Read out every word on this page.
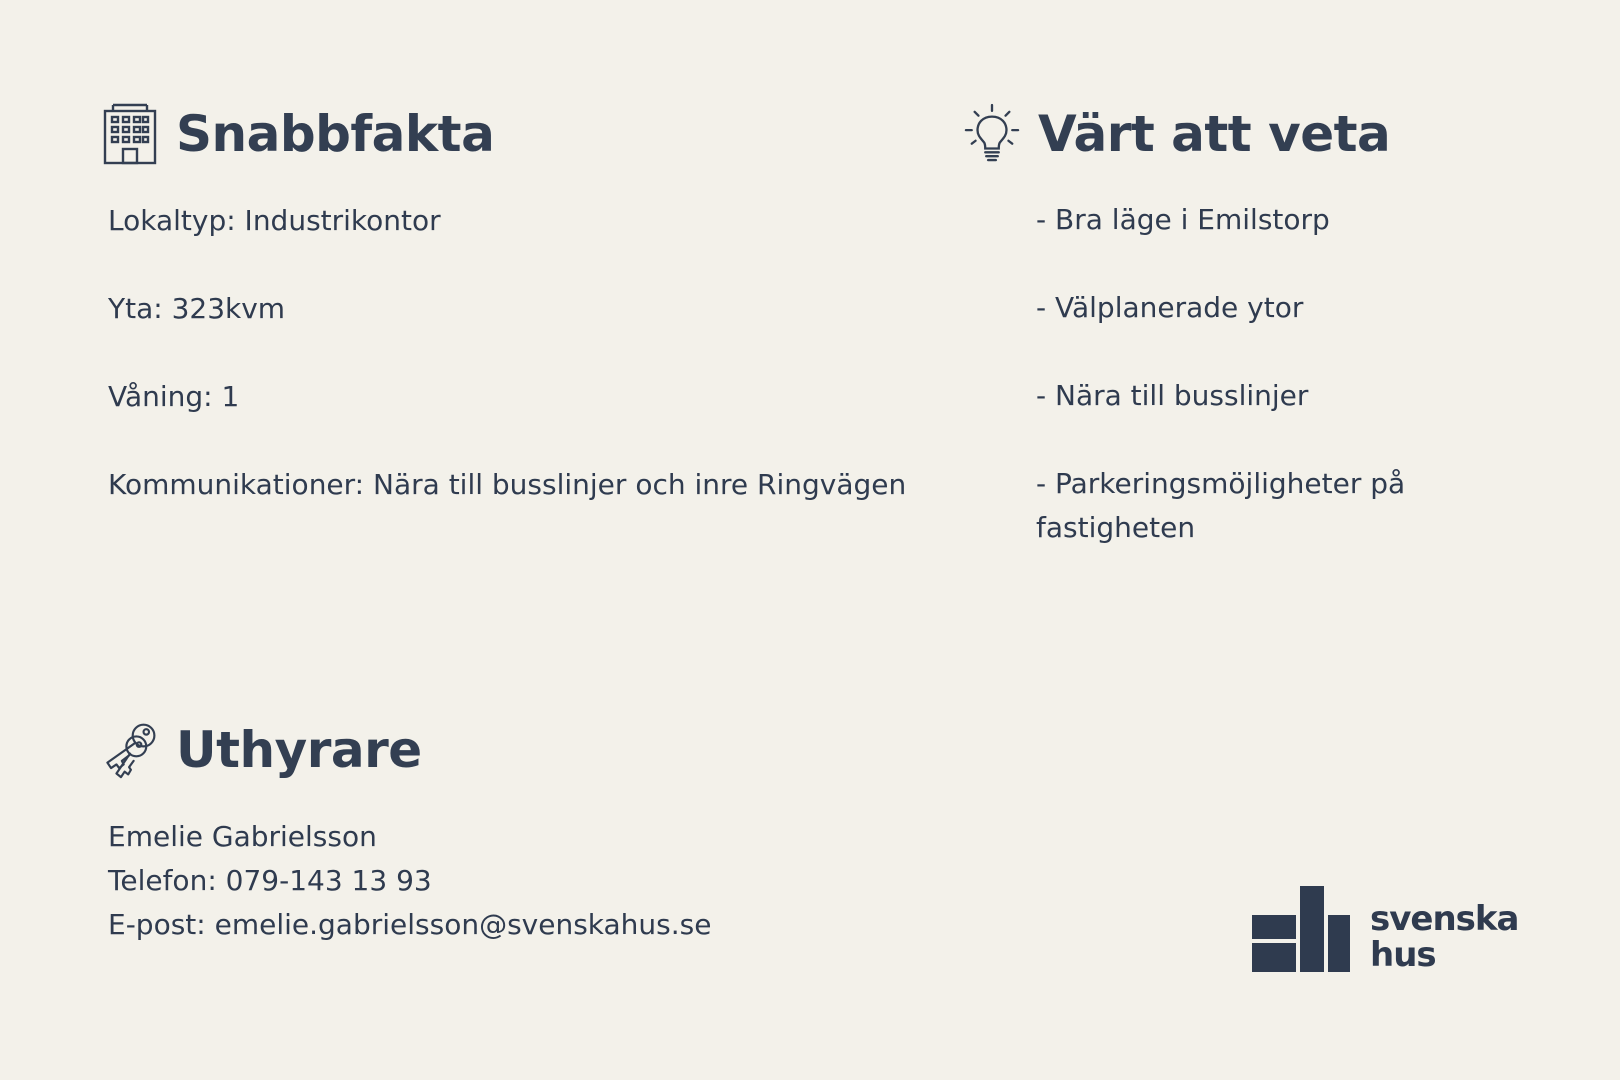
Snabbfakta
Lokaltyp: Industrikontor
Yta: 323kvm
Våning: 1
Kommunikationer: Nära till busslinjer och inre Ringvägen
Värt att veta
- Bra läge i Emilstorp
- Välplanerade ytor
- Nära till busslinjer
- Parkeringsmöjligheter på fastigheten
Uthyrare
Emelie Gabrielsson
Telefon: 079-143 13 93
E-post: emelie.gabrielsson@svenskahus.se	svenska
hus
